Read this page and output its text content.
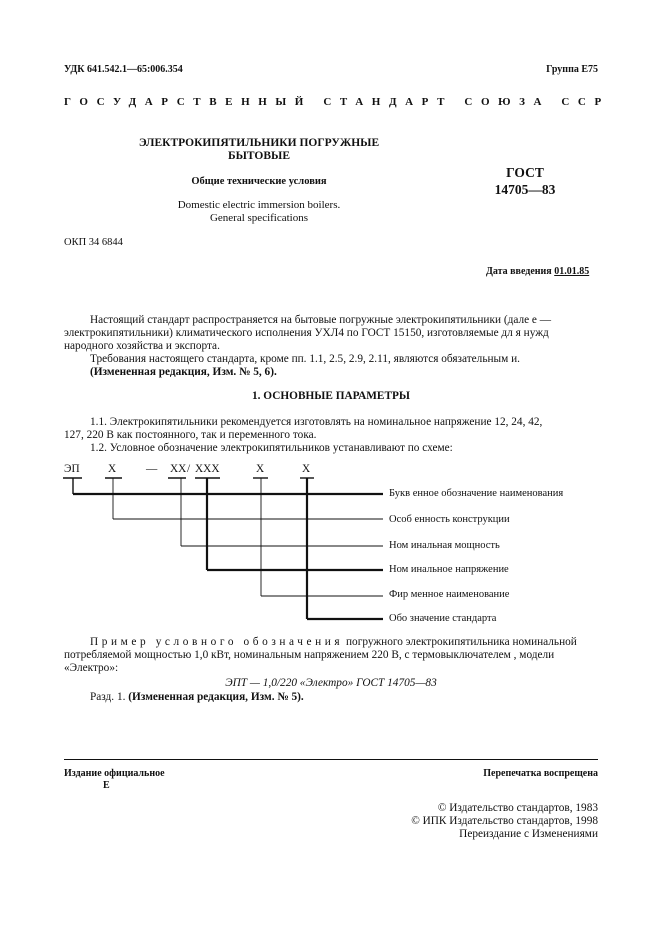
УДК 641.542.1—65:006.354	Группа Е75
ГОСУДАРСТВЕННЫЙ СТАНДАРТ СОЮЗА ССР
ЭЛЕКТРОКИПЯТИЛЬНИКИ ПОГРУЖНЫЕ
БЫТОВЫЕ
Общие технические условия
Domestic electric immersion boilers.
General specifications
ГОСТ
14705—83
ОКП 34 6844
Дата введения 01.01.85
Настоящий стандарт распространяется на бытовые погружные электрокипятильники (дале е —
электрокипятильники) климатического исполнения УХЛ4 по ГОСТ 15150, изготовляемые дл я нужд
народного хозяйства и экспорта.
Требования настоящего стандарта, кроме пп. 1.1, 2.5, 2.9, 2.11, являются обязательным и.
(Измененная редакция, Изм. № 5, 6).
1. ОСНОВНЫЕ ПАРАМЕТРЫ
1.1. Электрокипятильники рекомендуется изготовлять на номинальное напряжение 12, 24, 42,
127, 220 В как постоянного, так и переменного тока.
1.2. Условное обозначение электрокипятильников устанавливают по схеме:
ЭП	Х	— ХХ / ХХХ	Х	Х
Букв енное обозначение наименования
Особ енность конструкции
Ном инальная мощность
Ном инальное напряжение
Фир менное наименование
Обо значение стандарта
Пример условного обозначения погружного электрокипятильника номинальной
потребляемой мощностью 1,0 кВт, номинальным напряжением 220 В, с термовыключателем , модели
«Электро»:
ЭПТ — 1,0/220 «Электро» ГОСТ 14705—83
Разд. 1. (Измененная редакция, Изм. № 5).
Издание официальное
Е
Перепечатка воспрещена
© Издательство стандартов, 1983
© ИПК Издательство стандартов, 1998
Переиздание с Изменениями
